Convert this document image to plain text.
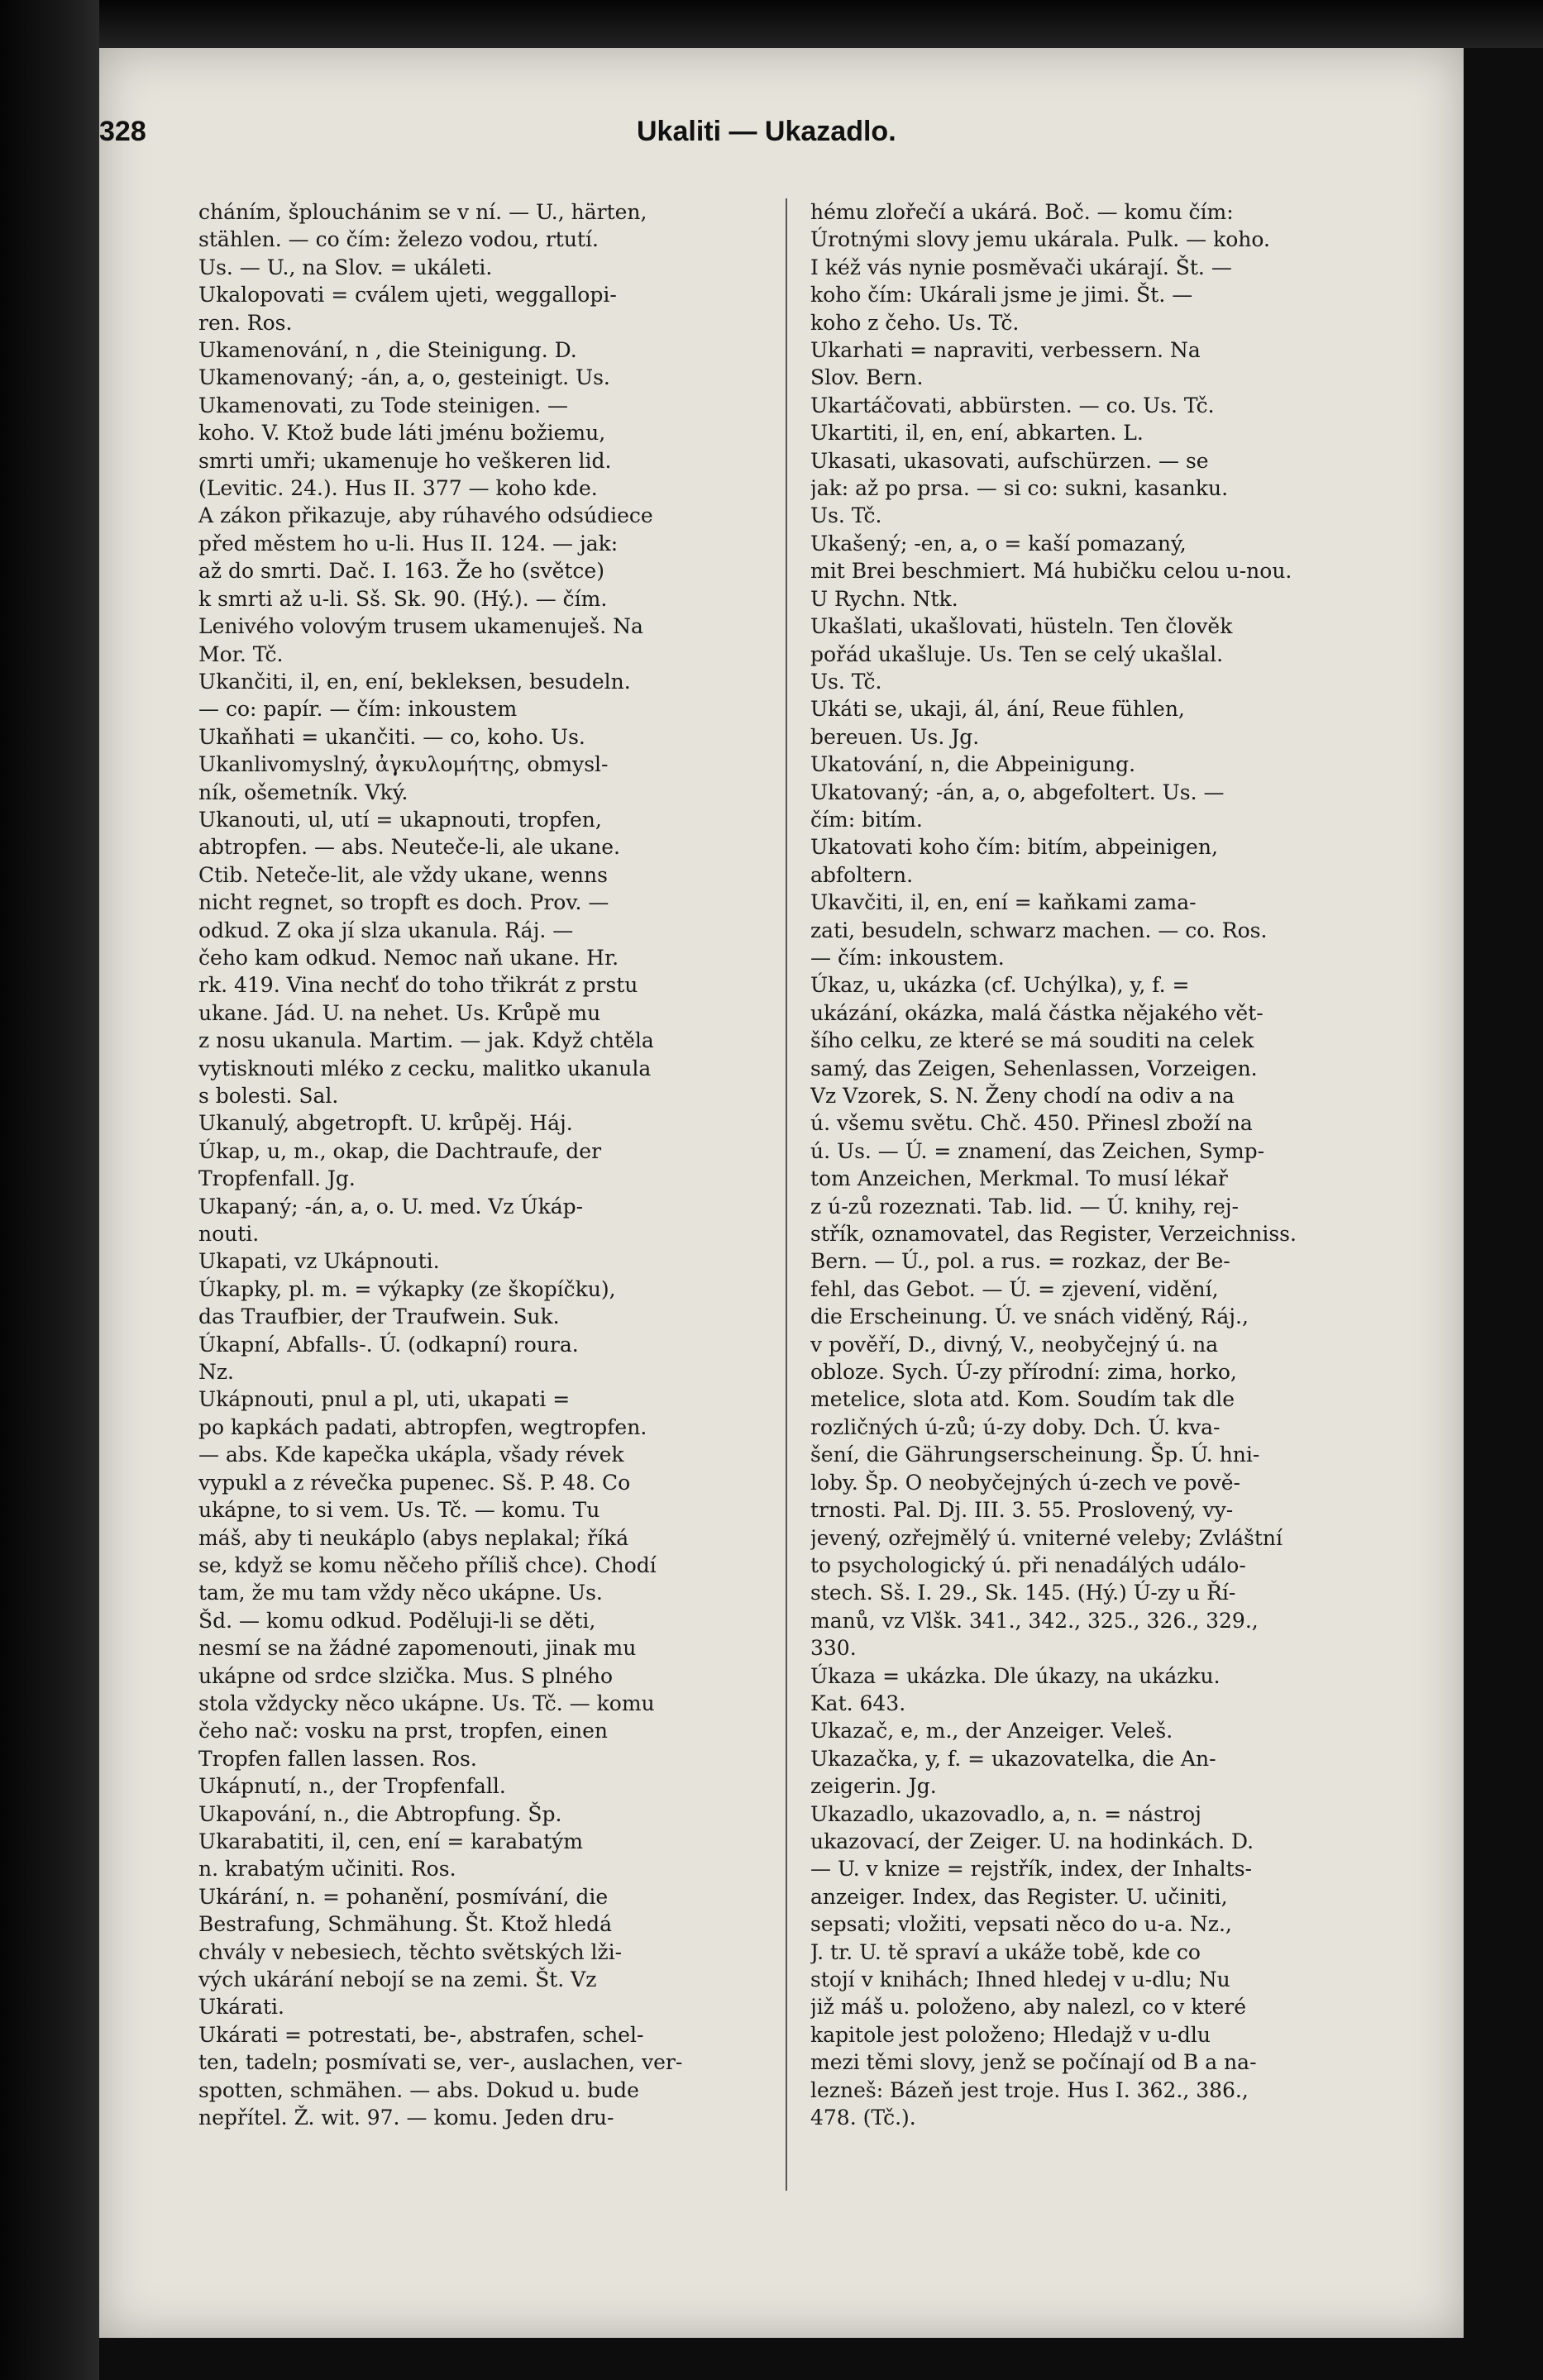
328	Ukaliti — Ukazadlo.
cháním, šplouchánim se v ní. — U., härten,
stählen. — co čím: železo vodou, rtutí.
Us. — U., na Slov. = ukáleti.
Ukalopovati = cválem ujeti, weggallopi-
ren. Ros.
Ukamenování, n , die Steinigung. D.
Ukamenovaný; -án, a, o, gesteinigt. Us.
Ukamenovati, zu Tode steinigen. —
koho. V. Ktož bude láti jménu božiemu,
smrti umři; ukamenuje ho veškeren lid.
(Levitic. 24.). Hus II. 377 — koho kde.
A zákon přikazuje, aby rúhavého odsúdiece
před městem ho u-li. Hus II. 124. — jak:
až do smrti. Dač. I. 163. Že ho (světce)
k smrti až u-li. Sš. Sk. 90. (Hý.). — čím.
Lenivého volovým trusem ukamenuješ. Na
Mor. Tč.
Ukančiti, il, en, ení, bekleksen, besudeln.
— co: papír. — čím: inkoustem
Ukaňhati = ukančiti. — co, koho. Us.
Ukanlivomyslný, ἀγκυλομήτης, obmysl-
ník, ošemetník. Vký.
Ukanouti, ul, utí = ukapnouti, tropfen,
abtropfen. — abs. Neuteče-li, ale ukane.
Ctib. Neteče-lit, ale vždy ukane, wenns
nicht regnet, so tropft es doch. Prov. —
odkud. Z oka jí slza ukanula. Ráj. —
čeho kam odkud. Nemoc naň ukane. Hr.
rk. 419. Vina nechť do toho třikrát z prstu
ukane. Jád. U. na nehet. Us. Krůpě mu
z nosu ukanula. Martim. — jak. Když chtěla
vytisknouti mléko z cecku, malitko ukanula
s bolesti. Sal.
Ukanulý, abgetropft. U. krůpěj. Háj.
Úkap, u, m., okap, die Dachtraufe, der
Tropfenfall. Jg.
Ukapaný; -án, a, o. U. med. Vz Úkáp-
nouti.
Ukapati, vz Ukápnouti.
Úkapky, pl. m. = výkapky (ze škopíčku),
das Traufbier, der Traufwein. Suk.
Úkapní, Abfalls-. Ú. (odkapní) roura.
Nz.
Ukápnouti, pnul a pl, uti, ukapati =
po kapkách padati, abtropfen, wegtropfen.
— abs. Kde kapečka ukápla, všady révek
vypukl a z révečka pupenec. Sš. P. 48. Co
ukápne, to si vem. Us. Tč. — komu. Tu
máš, aby ti neukáplo (abys neplakal; říká
se, když se komu něčeho příliš chce). Chodí
tam, že mu tam vždy něco ukápne. Us.
Šd. — komu odkud. Poděluji-li se děti,
nesmí se na žádné zapomenouti, jinak mu
ukápne od srdce slzička. Mus. S plného
stola vždycky něco ukápne. Us. Tč. — komu
čeho nač: vosku na prst, tropfen, einen
Tropfen fallen lassen. Ros.
Ukápnutí, n., der Tropfenfall.
Ukapování, n., die Abtropfung. Šp.
Ukarabatiti, il, cen, ení = karabatým
n. krabatým učiniti. Ros.
Ukárání, n. = pohanění, posmívání, die
Bestrafung, Schmähung. Št. Ktož hledá
chvály v nebesiech, těchto světských lži-
vých ukárání nebojí se na zemi. Št. Vz
Ukárati.
Ukárati = potrestati, be-, abstrafen, schel-
ten, tadeln; posmívati se, ver-, auslachen, ver-
spotten, schmähen. — abs. Dokud u. bude
nepřítel. Ž. wit. 97. — komu. Jeden dru-
hému zlořečí a ukárá. Boč. — komu čím:
Úrotnými slovy jemu ukárala. Pulk. — koho.
I kéž vás nynie posměvači ukárají. Št. —
koho čím: Ukárali jsme je jimi. Št. —
koho z čeho. Us. Tč.
Ukarhati = napraviti, verbessern. Na
Slov. Bern.
Ukartáčovati, abbürsten. — co. Us. Tč.
Ukartiti, il, en, ení, abkarten. L.
Ukasati, ukasovati, aufschürzen. — se
jak: až po prsa. — si co: sukni, kasanku.
Us. Tč.
Ukašený; -en, a, o = kaší pomazaný,
mit Brei beschmiert. Má hubičku celou u-nou.
U Rychn. Ntk.
Ukašlati, ukašlovati, hüsteln. Ten člověk
pořád ukašluje. Us. Ten se celý ukašlal.
Us. Tč.
Ukáti se, ukaji, ál, ání, Reue fühlen,
bereuen. Us. Jg.
Ukatování, n, die Abpeinigung.
Ukatovaný; -án, a, o, abgefoltert. Us. —
čím: bitím.
Ukatovati koho čím: bitím, abpeinigen,
abfoltern.
Ukavčiti, il, en, ení = kaňkami zama-
zati, besudeln, schwarz machen. — co. Ros.
— čím: inkoustem.
Úkaz, u, ukázka (cf. Uchýlka), y, f. =
ukázání, okázka, malá částka nějakého vět-
šího celku, ze které se má souditi na celek
samý, das Zeigen, Sehenlassen, Vorzeigen.
Vz Vzorek, S. N. Ženy chodí na odiv a na
ú. všemu světu. Chč. 450. Přinesl zboží na
ú. Us. — Ú. = znamení, das Zeichen, Symp-
tom Anzeichen, Merkmal. To musí lékař
z ú-zů rozeznati. Tab. lid. — Ú. knihy, rej-
střík, oznamovatel, das Register, Verzeichniss.
Bern. — Ú., pol. a rus. = rozkaz, der Be-
fehl, das Gebot. — Ú. = zjevení, vidění,
die Erscheinung. Ú. ve snách viděný, Ráj.,
v pověří, D., divný, V., neobyčejný ú. na
obloze. Sych. Ú-zy přírodní: zima, horko,
metelice, slota atd. Kom. Soudím tak dle
rozličných ú-zů; ú-zy doby. Dch. Ú. kva-
šení, die Gährungserscheinung. Šp. Ú. hni-
loby. Šp. O neobyčejných ú-zech ve pově-
trnosti. Pal. Dj. III. 3. 55. Proslovený, vy-
jevený, ozřejmělý ú. vniterné veleby; Zvláštní
to psychologický ú. při nenadálých událo-
stech. Sš. I. 29., Sk. 145. (Hý.) Ú-zy u Ří-
manů, vz Vlšk. 341., 342., 325., 326., 329.,
330.
Úkaza = ukázka. Dle úkazy, na ukázku.
Kat. 643.
Ukazač, e, m., der Anzeiger. Veleš.
Ukazačka, y, f. = ukazovatelka, die An-
zeigerin. Jg.
Ukazadlo, ukazovadlo, a, n. = nástroj
ukazovací, der Zeiger. U. na hodinkách. D.
— U. v knize = rejstřík, index, der Inhalts-
anzeiger. Index, das Register. U. učiniti,
sepsati; vložiti, vepsati něco do u-a. Nz.,
J. tr. U. tě spraví a ukáže tobě, kde co
stojí v knihách; Ihned hledej v u-dlu; Nu
již máš u. položeno, aby nalezl, co v které
kapitole jest položeno; Hledajž v u-dlu
mezi těmi slovy, jenž se počínají od B a na-
lezneš: Bázeň jest troje. Hus I. 362., 386.,
478. (Tč.).
